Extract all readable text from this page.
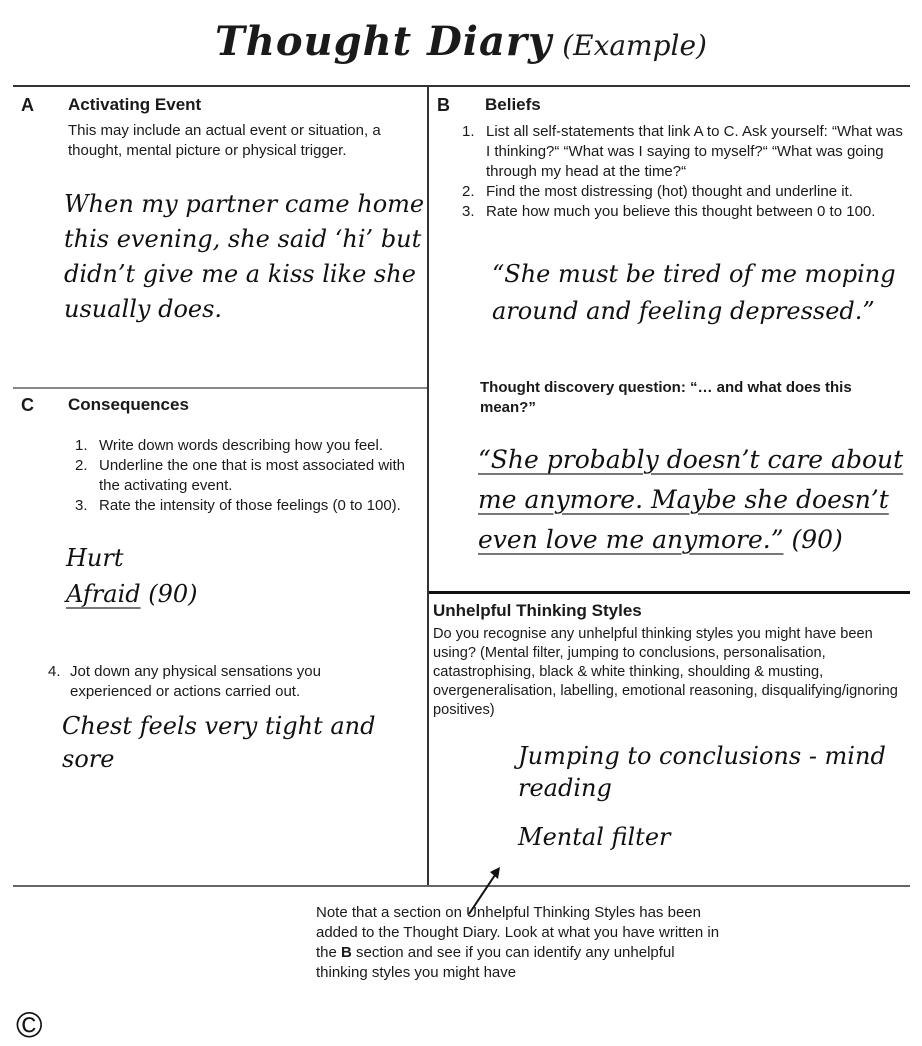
Thought Diary (Example)
A	Activating Event
This may include an actual event or situation, a thought, mental picture or physical trigger.
When my partner came home this evening, she said ‘hi’ but didn’t give me a kiss like she usually does.
B	Beliefs
List all self-statements that link A to C. Ask yourself: “What was I thinking?“ “What was I saying to myself?“ “What was going through my head at the time?“
Find the most distressing (hot) thought and underline it.
Rate how much you believe this thought between 0 to 100.
“She must be tired of me moping around and feeling depressed.”
Thought discovery question: “… and what does this mean?”
“She probably doesn’t care about me anymore. Maybe she doesn’t even love me anymore.” (90)
C	Consequences
Write down words describing how you feel.
Underline the one that is most associated with the activating event.
Rate the intensity of those feelings (0 to 100).
Hurt
Afraid (90)
4. Jot down any physical sensations you experienced or actions carried out.
Chest feels very tight and sore
Unhelpful Thinking Styles
Do you recognise any unhelpful thinking styles you might have been using? (Mental filter, jumping to conclusions, personalisation, catastrophising, black & white thinking, shoulding & musting, overgeneralisation, labelling, emotional reasoning, disqualifying/ignoring positives)
Jumping to conclusions - mind reading
Mental filter
Note that a section on Unhelpful Thinking Styles has been added to the Thought Diary. Look at what you have written in the B section and see if you can identify any unhelpful thinking styles you might have
©
